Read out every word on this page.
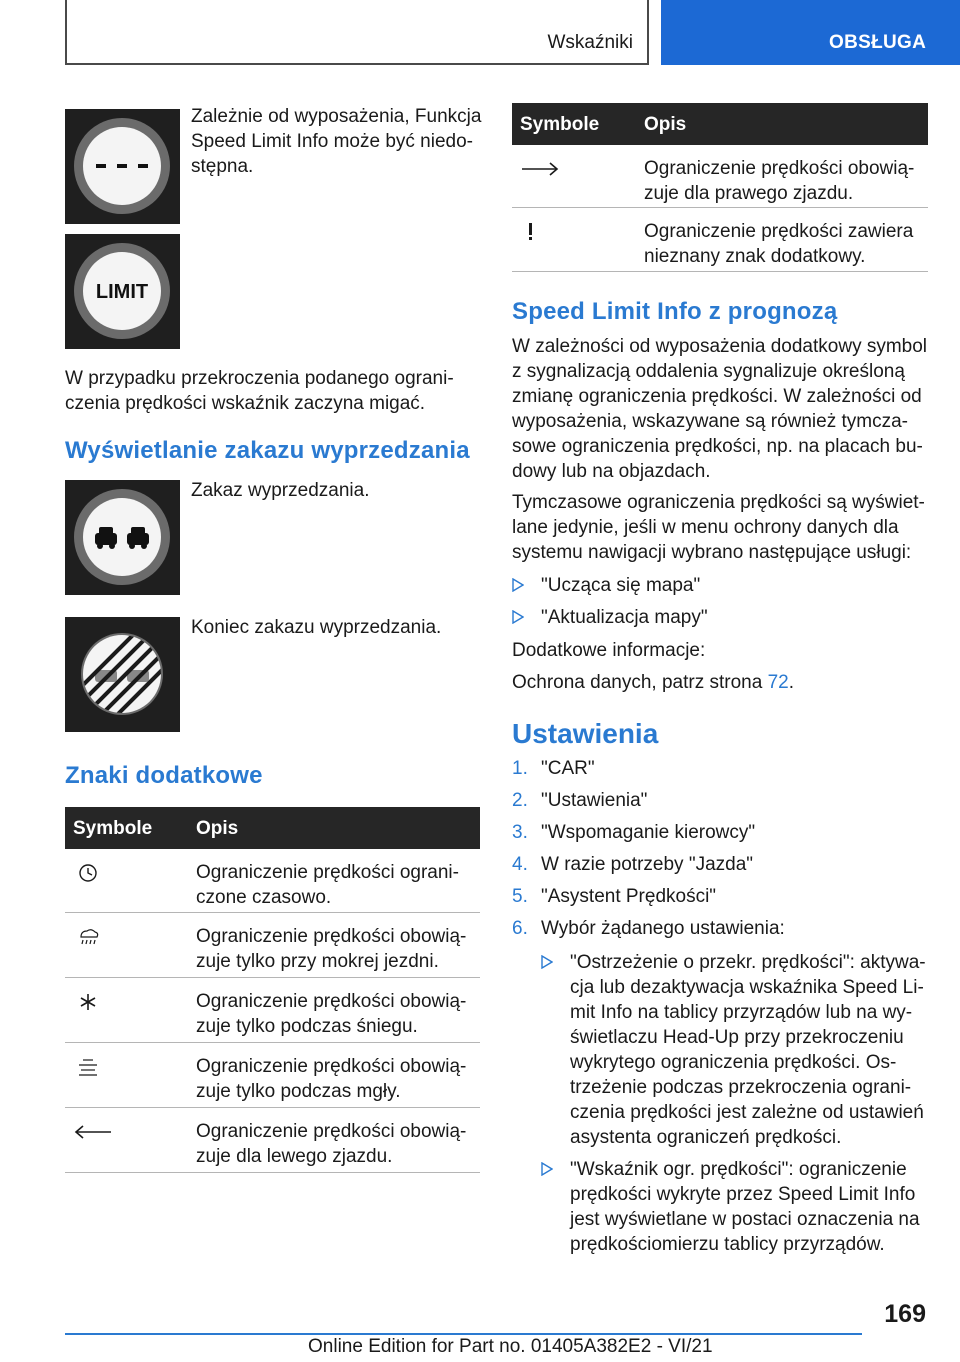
Wskaźniki	OBSŁUGA
LIMIT
Zależnie od wyposażenia, Funkcja
Speed Limit Info może być niedo-
stępna.
W przypadku przekroczenia podanego ograni-
czenia prędkości wskaźnik zaczyna migać.
Wyświetlanie zakazu wyprzedzania
Zakaz wyprzedzania.
Koniec zakazu wyprzedzania.
Znaki dodatkowe
Symbole Opis
Ograniczenie prędkości ograni-
czone czasowo.
Ograniczenie prędkości obowią-
zuje tylko przy mokrej jezdni.
Ograniczenie prędkości obowią-
zuje tylko podczas śniegu.
Ograniczenie prędkości obowią-
zuje tylko podczas mgły.
Ograniczenie prędkości obowią-
zuje dla lewego zjazdu.
Symbole Opis
Ograniczenie prędkości obowią-
zuje dla prawego zjazdu.
Ograniczenie prędkości zawiera
nieznany znak dodatkowy.
Speed Limit Info z prognozą
W zależności od wyposażenia dodatkowy symbol
z sygnalizacją oddalenia sygnalizuje określoną
zmianę ograniczenia prędkości. W zależności od
wyposażenia, wskazywane są również tymcza-
sowe ograniczenia prędkości, np. na placach bu-
dowy lub na objazdach.
Tymczasowe ograniczenia prędkości są wyświet-
lane jedynie, jeśli w menu ochrony danych dla
systemu nawigacji wybrano następujące usługi:
"Ucząca się mapa"
"Aktualizacja mapy"
Dodatkowe informacje:
Ochrona danych, patrz strona 72.
Ustawienia
1. "CAR"
2. "Ustawienia"
3. "Wspomaganie kierowcy"
4. W razie potrzeby "Jazda"
5. "Asystent Prędkości"
6. Wybór żądanego ustawienia:
"Ostrzeżenie o przekr. prędkości": aktywa-
cja lub dezaktywacja wskaźnika Speed Li-
mit Info na tablicy przyrządów lub na wy-
świetlaczu Head-Up przy przekroczeniu
wykrytego ograniczenia prędkości. Os-
trzeżenie podczas przekroczenia ograni-
czenia prędkości jest zależne od ustawień
asystenta ograniczeń prędkości.
"Wskaźnik ogr. prędkości": ograniczenie
prędkości wykryte przez Speed Limit Info
jest wyświetlane w postaci oznaczenia na
prędkościomierzu tablicy przyrządów.
169
Online Edition for Part no. 01405A382E2 - VI/21
